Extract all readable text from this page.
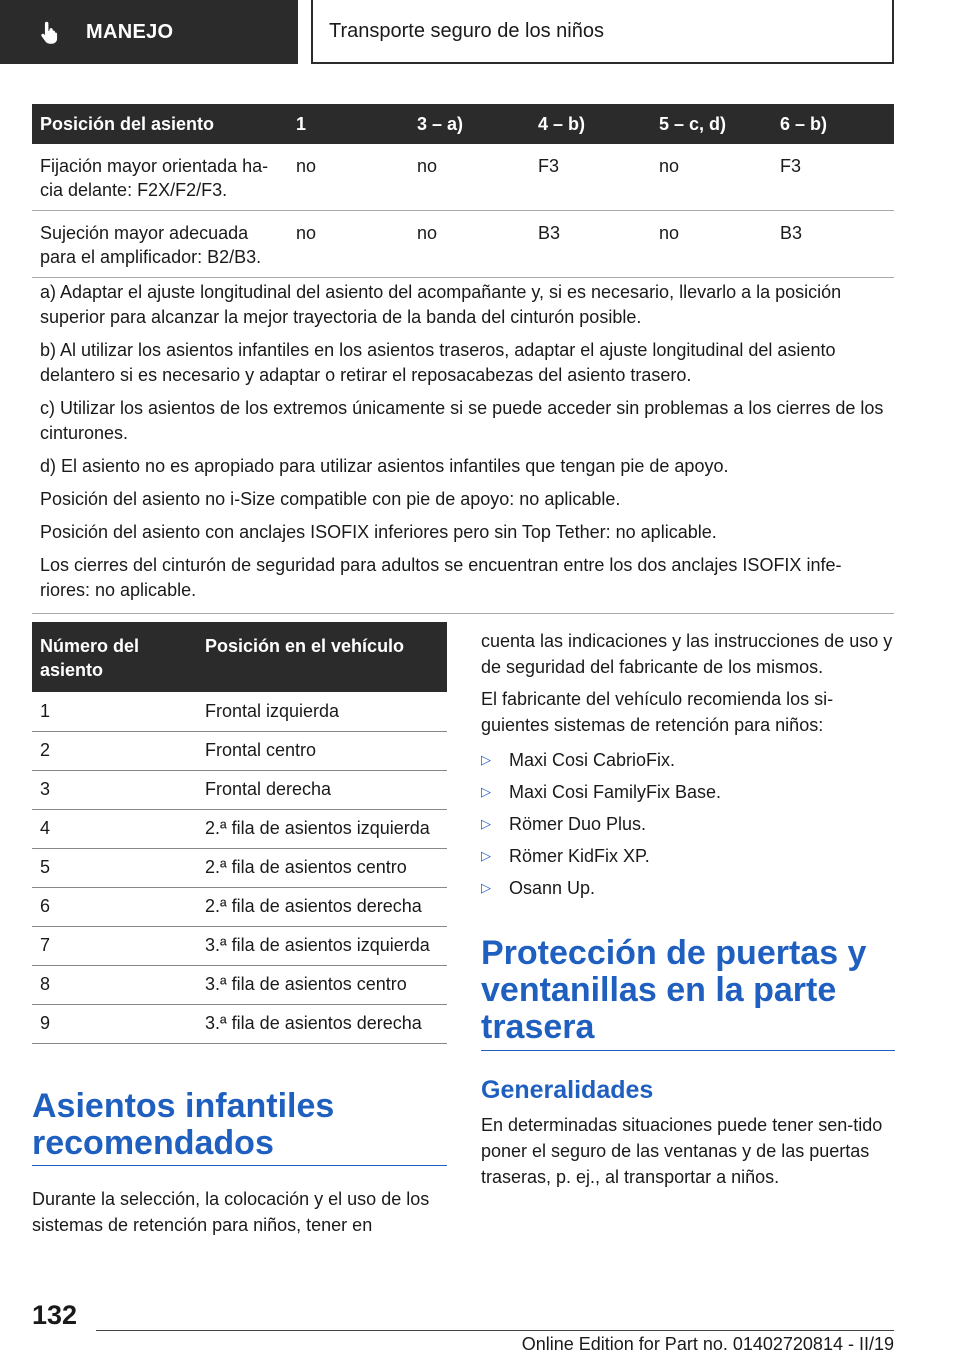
MANEJO	Transporte seguro de los niños
Posición del asiento	1	3 – a)	4 – b)	5 – c, d)	6 – b)
Fijación mayor orientada ha-cia delante: F2X/F2/F3.	no	no	F3	no	F3
Sujeción mayor adecuada para el amplificador: B2/B3.	no	no	B3	no	B3

a) Adaptar el ajuste longitudinal del asiento del acompañante y, si es necesario, llevarlo a la posición superior para alcanzar la mejor trayectoria de la banda del cinturón posible.

b) Al utilizar los asientos infantiles en los asientos traseros, adaptar el ajuste longitudinal del asiento delantero si es necesario y adaptar o retirar el reposacabezas del asiento trasero.

c) Utilizar los asientos de los extremos únicamente si se puede acceder sin problemas a los cierres de los cinturones.

d) El asiento no es apropiado para utilizar asientos infantiles que tengan pie de apoyo.

Posición del asiento no i-Size compatible con pie de apoyo: no aplicable.

Posición del asiento con anclajes ISOFIX inferiores pero sin Top Tether: no aplicable.

Los cierres del cinturón de seguridad para adultos se encuentran entre los dos anclajes ISOFIX infe-riores: no aplicable.

Número del asiento	Posición en el vehículo
1	Frontal izquierda
2	Frontal centro
3	Frontal derecha
4	2.ª fila de asientos izquierda
5	2.ª fila de asientos centro
6	2.ª fila de asientos derecha
7	3.ª fila de asientos izquierda
8	3.ª fila de asientos centro
9	3.ª fila de asientos derecha
Asientos infantiles recomendados

Durante la selección, la colocación y el uso de los sistemas de retención para niños, tener en

cuenta las indicaciones y las instrucciones de uso y de seguridad del fabricante de los mismos.

El fabricante del vehículo recomienda los si-guientes sistemas de retención para niños:

▷	Maxi Cosi CabrioFix.
▷	Maxi Cosi FamilyFix Base.
▷	Römer Duo Plus.
▷	Römer KidFix XP.
▷	Osann Up.
Protección de puertas y ventanillas en la parte trasera
Generalidades

En determinadas situaciones puede tener sen-tido poner el seguro de las ventanas y de las puertas traseras, p. ej., al transportar a niños.

132
Online Edition for Part no. 01402720814 - II/19
